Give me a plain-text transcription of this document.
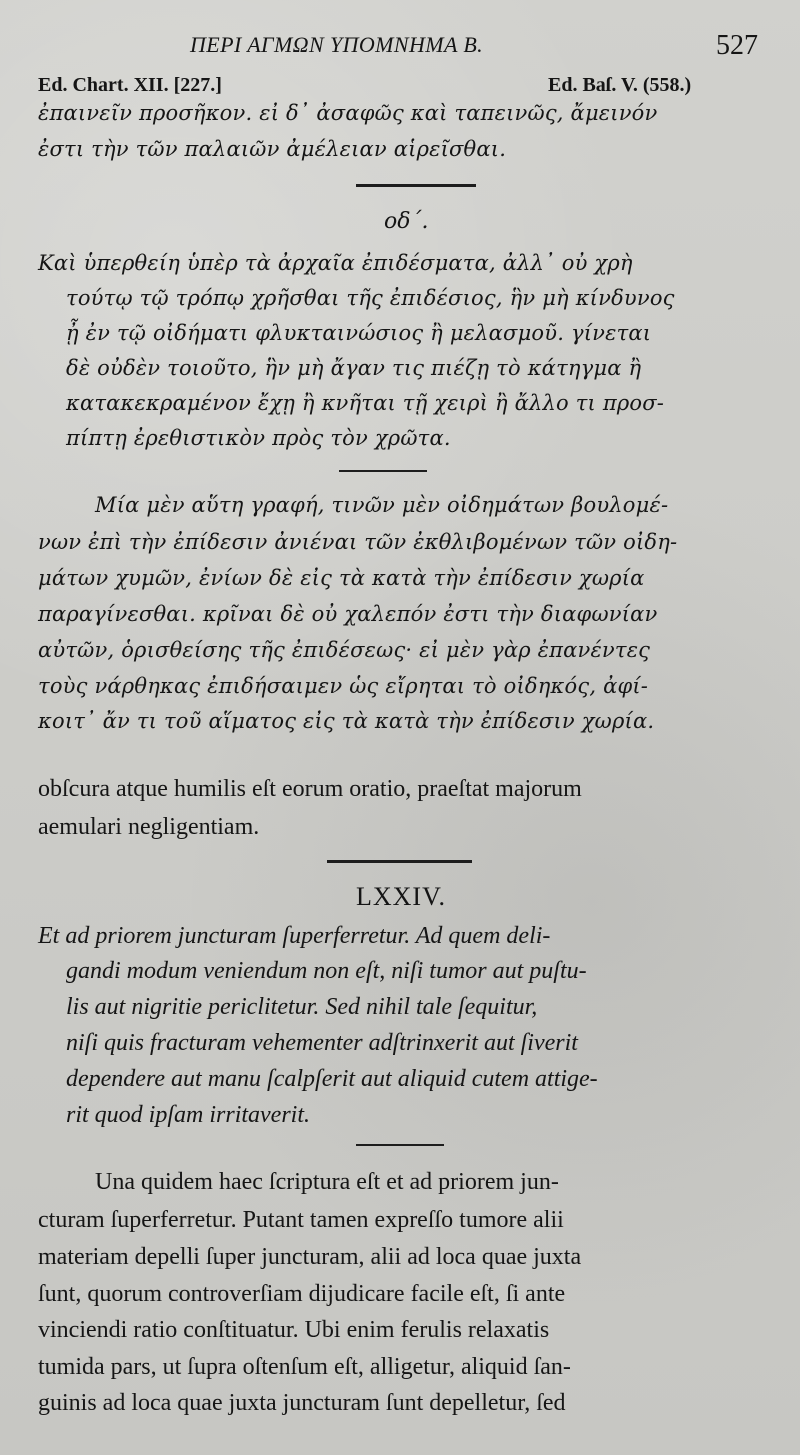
ΠΕΡΙ ΑΓΜΩΝ ΥΠΟΜΝΗΜΑ Β.	527
Ed. Chart. XII. [227.]	Ed. Baſ. V. (558.)
ἐπαινεῖν προσῆκον. εἰ δ᾽ ἀσαφῶς καὶ ταπεινῶς, ἄμεινόν
ἐστι τὴν τῶν παλαιῶν ἀμέλειαν αἱρεῖσθαι.
οδ΄.
Καὶ ὑπερθείη ὑπὲρ τὰ ἀρχαῖα ἐπιδέσματα, ἀλλ᾽ οὐ χρὴ
τούτῳ τῷ τρόπῳ χρῆσθαι τῆς ἐπιδέσιος, ἣν μὴ κίνδυνος
ᾖ ἐν τῷ οἰδήματι φλυκταινώσιος ἢ μελασμοῦ. γίνεται
δὲ οὐδὲν τοιοῦτο, ἣν μὴ ἄγαν τις πιέζῃ τὸ κάτηγμα ἢ
κατακεκραμένον ἔχῃ ἢ κνῆται τῇ χειρὶ ἢ ἄλλο τι προσ-
πίπτῃ ἐρεθιστικὸν πρὸς τὸν χρῶτα.
Μία μὲν αὕτη γραφή, τινῶν μὲν οἰδημάτων βουλομέ-
νων ἐπὶ τὴν ἐπίδεσιν ἀνιέναι τῶν ἐκθλιβομένων τῶν οἰδη-
μάτων χυμῶν, ἐνίων δὲ εἰς τὰ κατὰ τὴν ἐπίδεσιν χωρία
παραγίνεσθαι. κρῖναι δὲ οὐ χαλεπόν ἐστι τὴν διαφωνίαν
αὐτῶν, ὁρισθείσης τῆς ἐπιδέσεως· εἰ μὲν γὰρ ἐπανέντες
τοὺς νάρθηκας ἐπιδήσαιμεν ὡς εἴρηται τὸ οἰδηκός, ἀφί-
κοιτ᾽ ἄν τι τοῦ αἵματος εἰς τὰ κατὰ τὴν ἐπίδεσιν χωρία.
obſcura atque humilis eſt eorum oratio, praeſtat majorum
aemulari negligentiam.
LXXIV.
Et ad priorem juncturam ſuperferretur. Ad quem deli-
gandi modum veniendum non eſt, niſi tumor aut puſtu-
lis aut nigritie periclitetur. Sed nihil tale ſequitur,
niſi quis fracturam vehementer adſtrinxerit aut ſiverit
dependere aut manu ſcalpſerit aut aliquid cutem attige-
rit quod ipſam irritaverit.
Una quidem haec ſcriptura eſt et ad priorem jun-
cturam ſuperferretur. Putant tamen expreſſo tumore alii
materiam depelli ſuper juncturam, alii ad loca quae juxta
ſunt, quorum controverſiam dijudicare facile eſt, ſi ante
vinciendi ratio conſtituatur. Ubi enim ferulis relaxatis
tumida pars, ut ſupra oſtenſum eſt, alligetur, aliquid ſan-
guinis ad loca quae juxta juncturam ſunt depelletur, ſed
